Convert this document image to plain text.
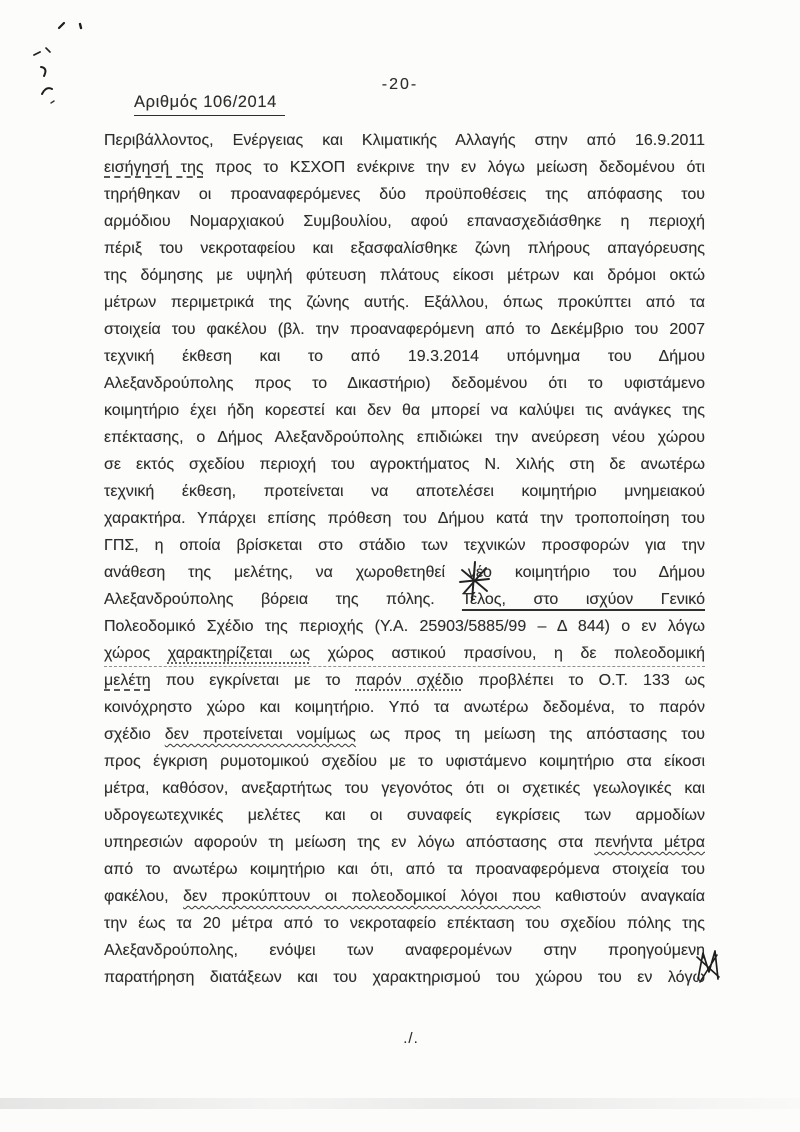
-20-
Αριθμός 106/2014
Περιβάλλοντος, Ενέργειας και Κλιματικής Αλλαγής στην από 16.9.2011
εισήγησή της προς το ΚΣΧΟΠ ενέκρινε την εν λόγω μείωση δεδομένου ότι
τηρήθηκαν οι προαναφερόμενες δύο προϋποθέσεις της απόφασης του
αρμόδιου Νομαρχιακού Συμβουλίου, αφού επανασχεδιάσθηκε η περιοχή
πέριξ του νεκροταφείου και εξασφαλίσθηκε ζώνη πλήρους απαγόρευσης
της δόμησης με υψηλή φύτευση πλάτους είκοσι μέτρων και δρόμοι οκτώ
μέτρων περιμετρικά της ζώνης αυτής. Εξάλλου, όπως προκύπτει από τα
στοιχεία του φακέλου (βλ. την προαναφερόμενη από το Δεκέμβριο του 2007
τεχνική έκθεση και το από 19.3.2014 υπόμνημα του Δήμου
Αλεξανδρούπολης προς το Δικαστήριο) δεδομένου ότι το υφιστάμενο
κοιμητήριο έχει ήδη κορεστεί και δεν θα μπορεί να καλύψει τις ανάγκες της
επέκτασης, ο Δήμος Αλεξανδρούπολης επιδιώκει την ανεύρεση νέου χώρου
σε εκτός σχεδίου περιοχή του αγροκτήματος Ν. Χιλής στη δε ανωτέρω
τεχνική έκθεση, προτείνεται να αποτελέσει κοιμητήριο μνημειακού
χαρακτήρα. Υπάρχει επίσης πρόθεση του Δήμου κατά την τροποποίηση του
ΓΠΣ, η οποία βρίσκεται στο στάδιο των τεχνικών προσφορών για την
ανάθεση της μελέτης, να χωροθετηθεί νέο κοιμητήριο του Δήμου
Αλεξανδρούπολης βόρεια της πόλης. Τέλος, στο ισχύον Γενικό
Πολεοδομικό Σχέδιο της περιοχής (Υ.Α. 25903/5885/99 – Δ 844) ο εν λόγω
χώρος χαρακτηρίζεται ως χώρος αστικού πρασίνου, η δε πολεοδομική
μελέτη που εγκρίνεται με το παρόν σχέδιο προβλέπει το Ο.Τ. 133 ως
κοινόχρηστο χώρο και κοιμητήριο. Υπό τα ανωτέρω δεδομένα, το παρόν
σχέδιο δεν προτείνεται νομίμως ως προς τη μείωση της απόστασης του
προς έγκριση ρυμοτομικού σχεδίου με το υφιστάμενο κοιμητήριο στα είκοσι
μέτρα, καθόσον, ανεξαρτήτως του γεγονότος ότι οι σχετικές γεωλογικές και
υδρογεωτεχνικές μελέτες και οι συναφείς εγκρίσεις των αρμοδίων
υπηρεσιών αφορούν τη μείωση της εν λόγω απόστασης στα πενήντα μέτρα
από το ανωτέρω κοιμητήριο και ότι, από τα προαναφερόμενα στοιχεία του
φακέλου, δεν προκύπτουν οι πολεοδομικοί λόγοι που καθιστούν αναγκαία
την έως τα 20 μέτρα από το νεκροταφείο επέκταση του σχεδίου πόλης της
Αλεξανδρούπολης, ενόψει των αναφερομένων στην προηγούμενη
παρατήρηση διατάξεων και του χαρακτηρισμού του χώρου του εν λόγω
./.
